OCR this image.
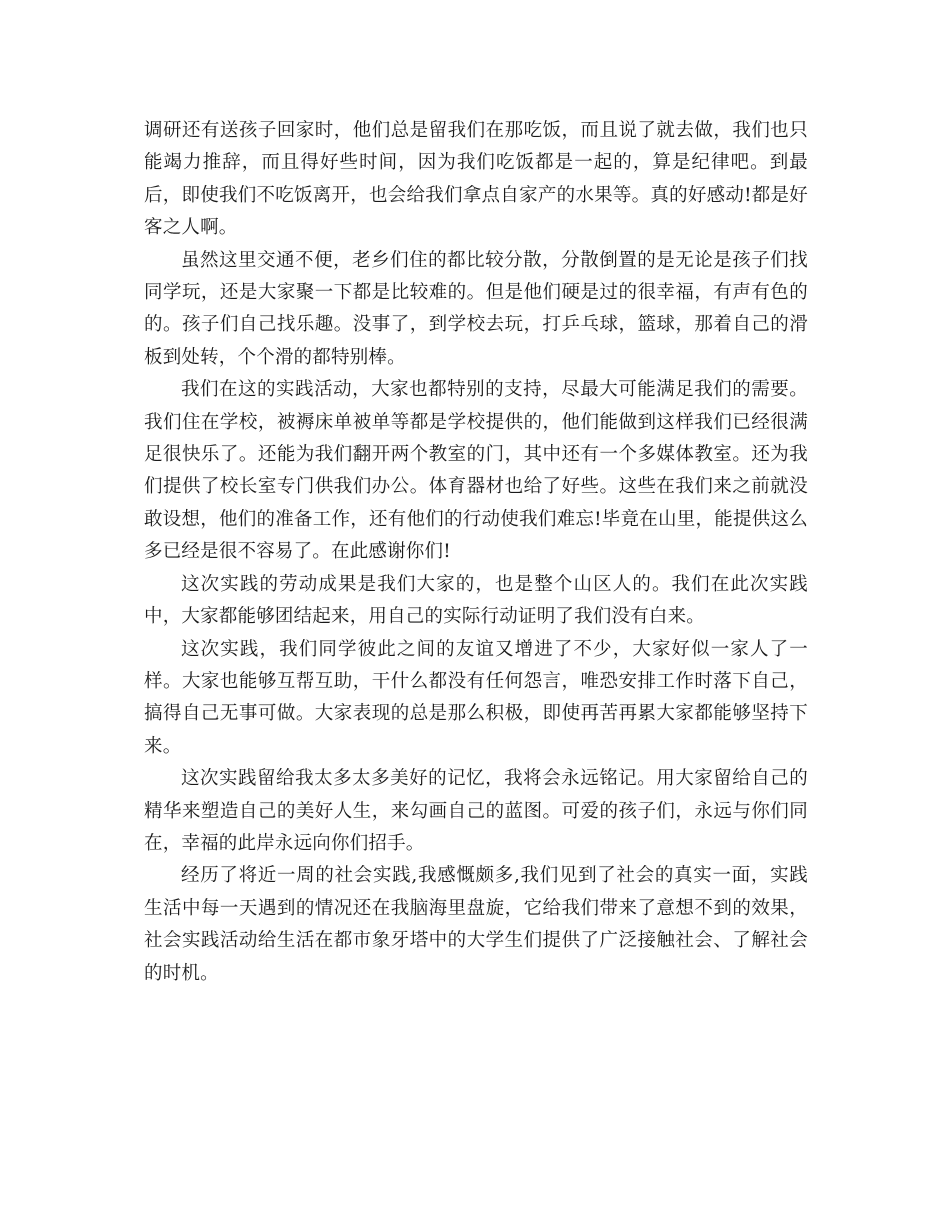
调研还有送孩子回家时，他们总是留我们在那吃饭，而且说了就去做，我们也只能竭力推辞，而且得好些时间，因为我们吃饭都是一起的，算是纪律吧。到最后，即使我们不吃饭离开，也会给我们拿点自家产的水果等。真的好感动!都是好客之人啊。

虽然这里交通不便，老乡们住的都比较分散，分散倒置的是无论是孩子们找同学玩，还是大家聚一下都是比较难的。但是他们硬是过的很幸福，有声有色的的。孩子们自己找乐趣。没事了，到学校去玩，打乒乓球，篮球，那着自己的滑板到处转，个个滑的都特别棒。

我们在这的实践活动，大家也都特别的支持，尽最大可能满足我们的需要。我们住在学校，被褥床单被单等都是学校提供的，他们能做到这样我们已经很满足很快乐了。还能为我们翻开两个教室的门，其中还有一个多媒体教室。还为我们提供了校长室专门供我们办公。体育器材也给了好些。这些在我们来之前就没敢设想，他们的准备工作，还有他们的行动使我们难忘!毕竟在山里，能提供这么多已经是很不容易了。在此感谢你们!

这次实践的劳动成果是我们大家的，也是整个山区人的。我们在此次实践中，大家都能够团结起来，用自己的实际行动证明了我们没有白来。

这次实践，我们同学彼此之间的友谊又增进了不少，大家好似一家人了一样。大家也能够互帮互助，干什么都没有任何怨言，唯恐安排工作时落下自己，搞得自己无事可做。大家表现的总是那么积极，即使再苦再累大家都能够坚持下来。

这次实践留给我太多太多美好的记忆，我将会永远铭记。用大家留给自己的精华来塑造自己的美好人生，来勾画自己的蓝图。可爱的孩子们，永远与你们同在，幸福的此岸永远向你们招手。

经历了将近一周的社会实践,我感慨颇多,我们见到了社会的真实一面，实践生活中每一天遇到的情况还在我脑海里盘旋，它给我们带来了意想不到的效果，社会实践活动给生活在都市象牙塔中的大学生们提供了广泛接触社会、了解社会的时机。
